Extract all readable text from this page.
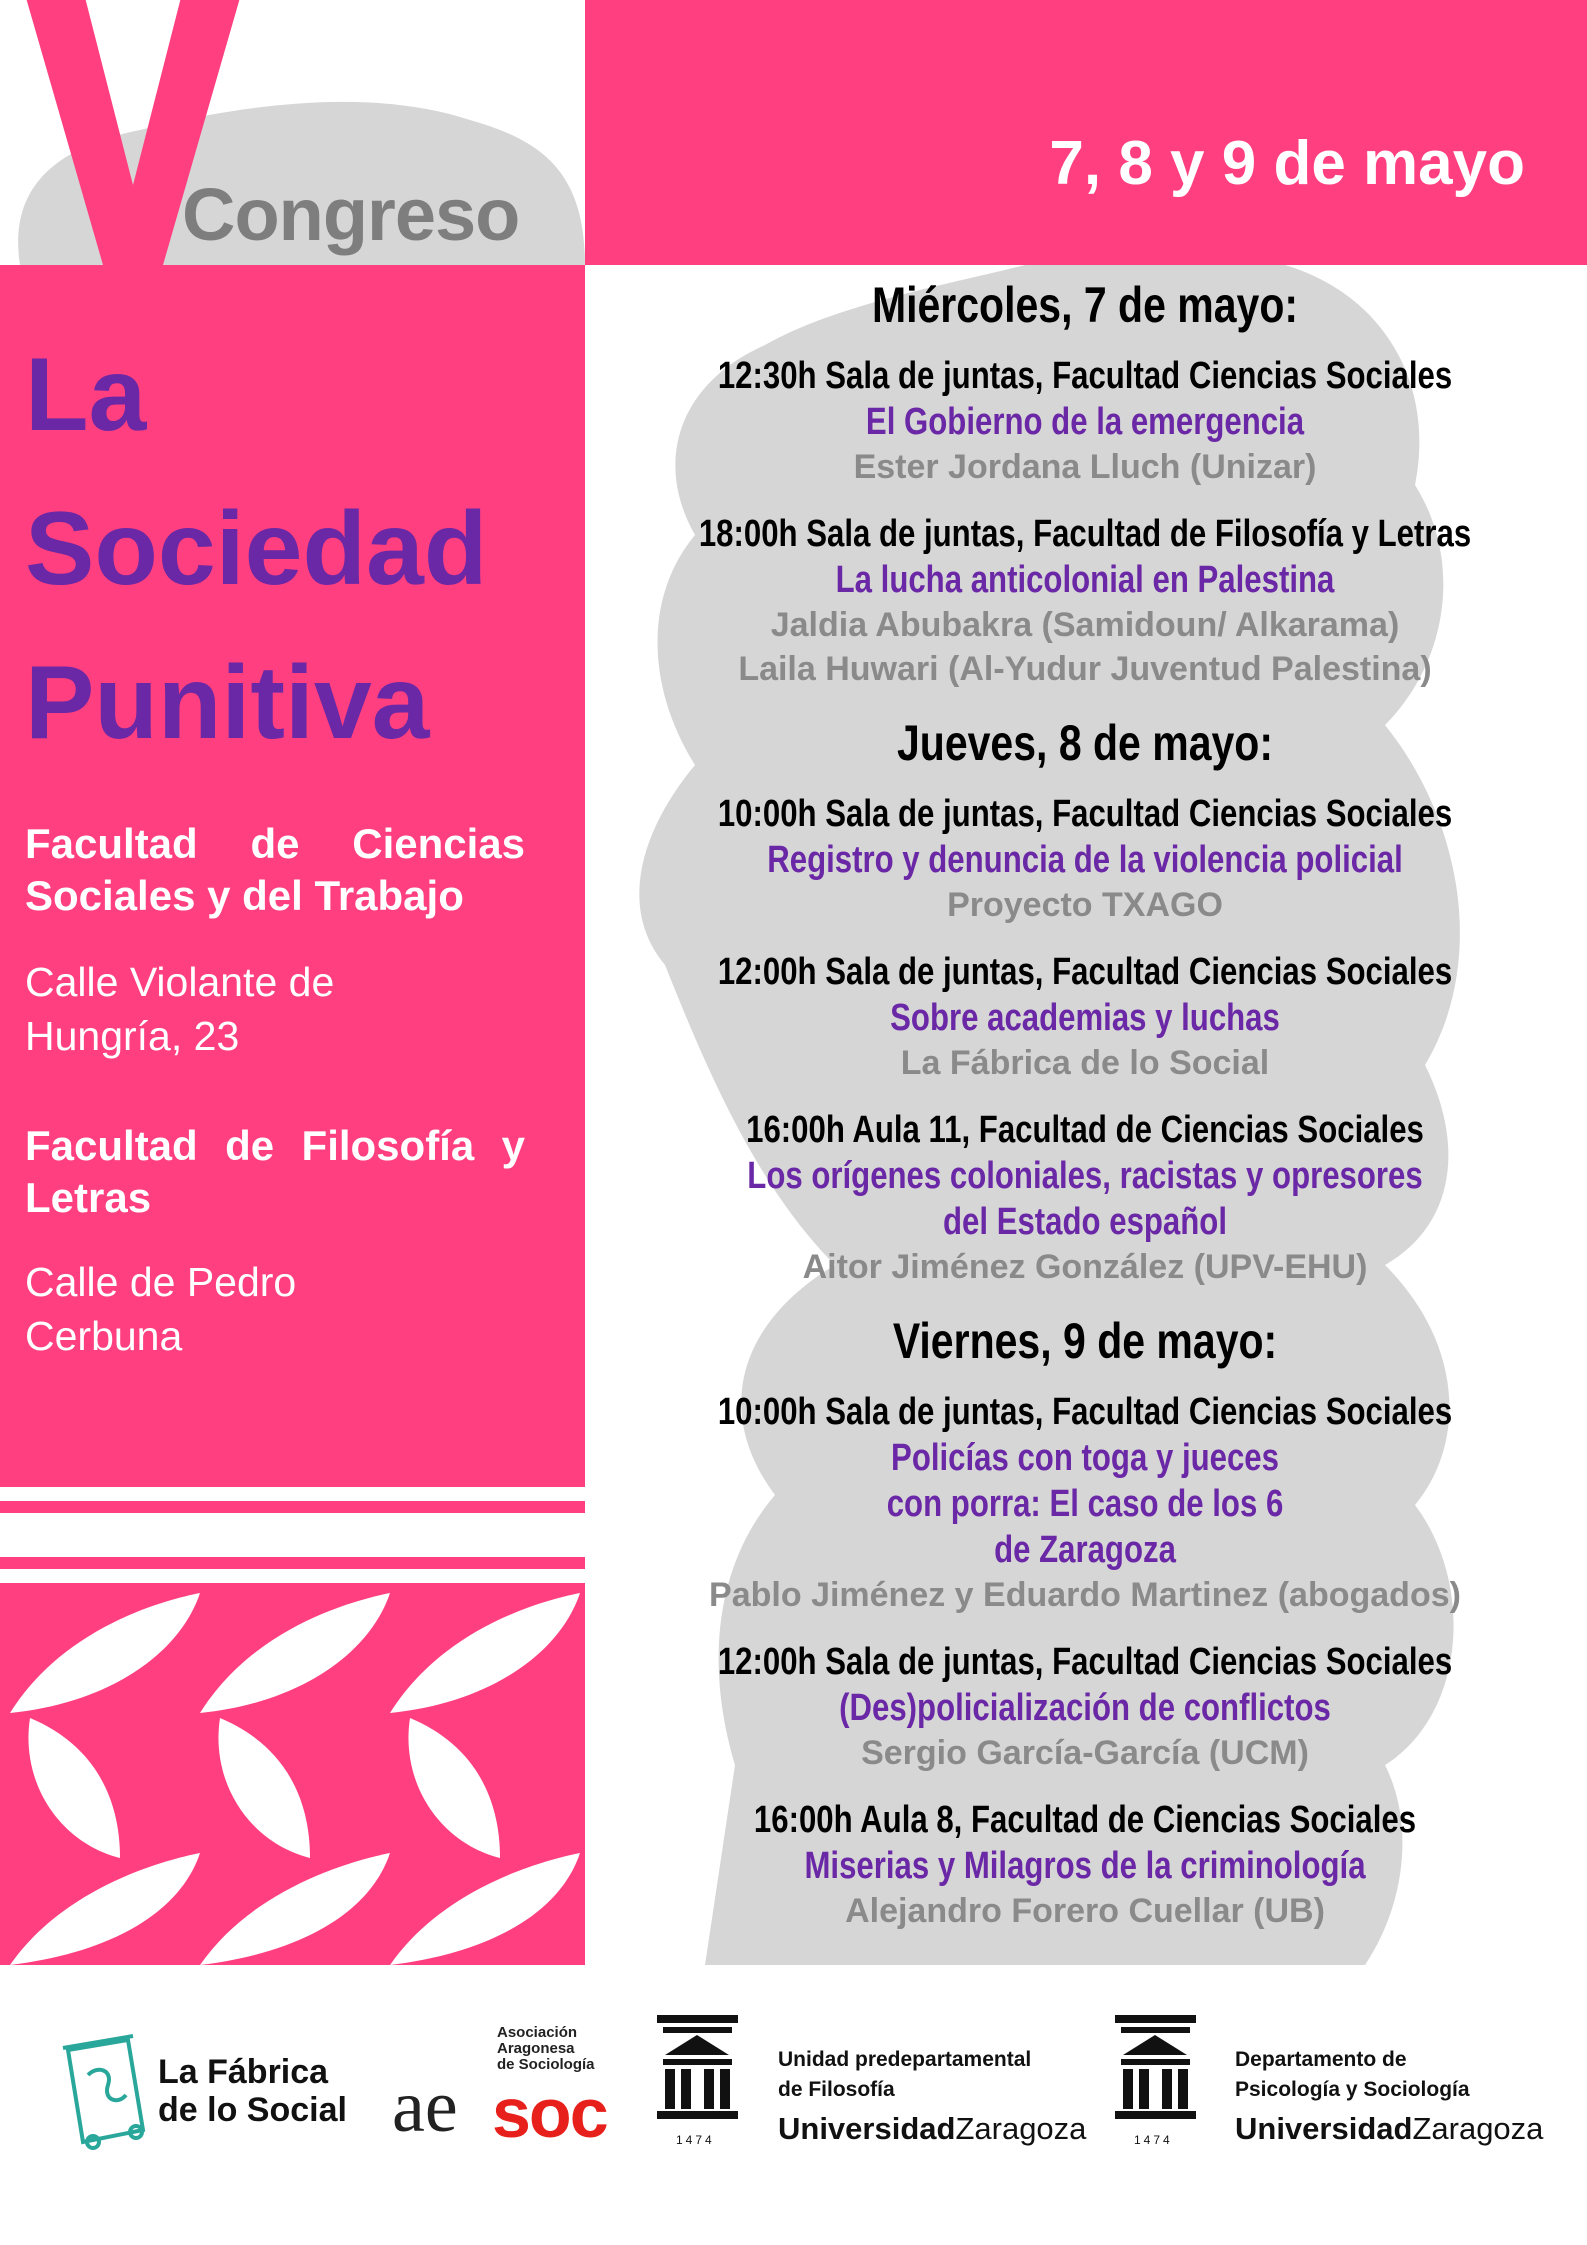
Congreso
7, 8 y 9 de mayo
La
Sociedad
Punitiva
Facultad de Ciencias Sociales y del Trabajo
Calle Violante de Hungría, 23
Facultad de Filosofía y Letras
Calle de Pedro Cerbuna
Miércoles, 7 de mayo:
12:30h Sala de juntas, Facultad Ciencias Sociales
El Gobierno de la emergencia
Ester Jordana Lluch (Unizar)
18:00h Sala de juntas, Facultad de Filosofía y Letras
La lucha anticolonial en Palestina
Jaldia Abubakra (Samidoun/ Alkarama)
Laila Huwari (Al-Yudur Juventud Palestina)
Jueves, 8 de mayo:
10:00h Sala de juntas, Facultad Ciencias Sociales
Registro y denuncia de la violencia policial
Proyecto TXAGO
12:00h Sala de juntas, Facultad Ciencias Sociales
Sobre academias y luchas
La Fábrica de lo Social
16:00h Aula 11, Facultad de Ciencias Sociales
Los orígenes coloniales, racistas y opresores del Estado español
Aitor Jiménez González (UPV-EHU)
Viernes, 9 de mayo:
10:00h Sala de juntas, Facultad Ciencias Sociales
Policías con toga y jueces con porra: El caso de los 6 de Zaragoza
Pablo Jiménez y Eduardo Martinez (abogados)
12:00h Sala de juntas, Facultad Ciencias Sociales
(Des)policialización de conflictos
Sergio García-García (UCM)
16:00h Aula 8, Facultad de Ciencias Sociales
Miserias y Milagros de la criminología
Alejandro Forero Cuellar (UB)
La Fábrica
de lo Social ae
Asociación
Aragonesa
de Sociología
soc	1474
Unidad predepartamental
de Filosofía
UniversidadZaragoza	1474
Departamento de
Psicología y Sociología
UniversidadZaragoza
